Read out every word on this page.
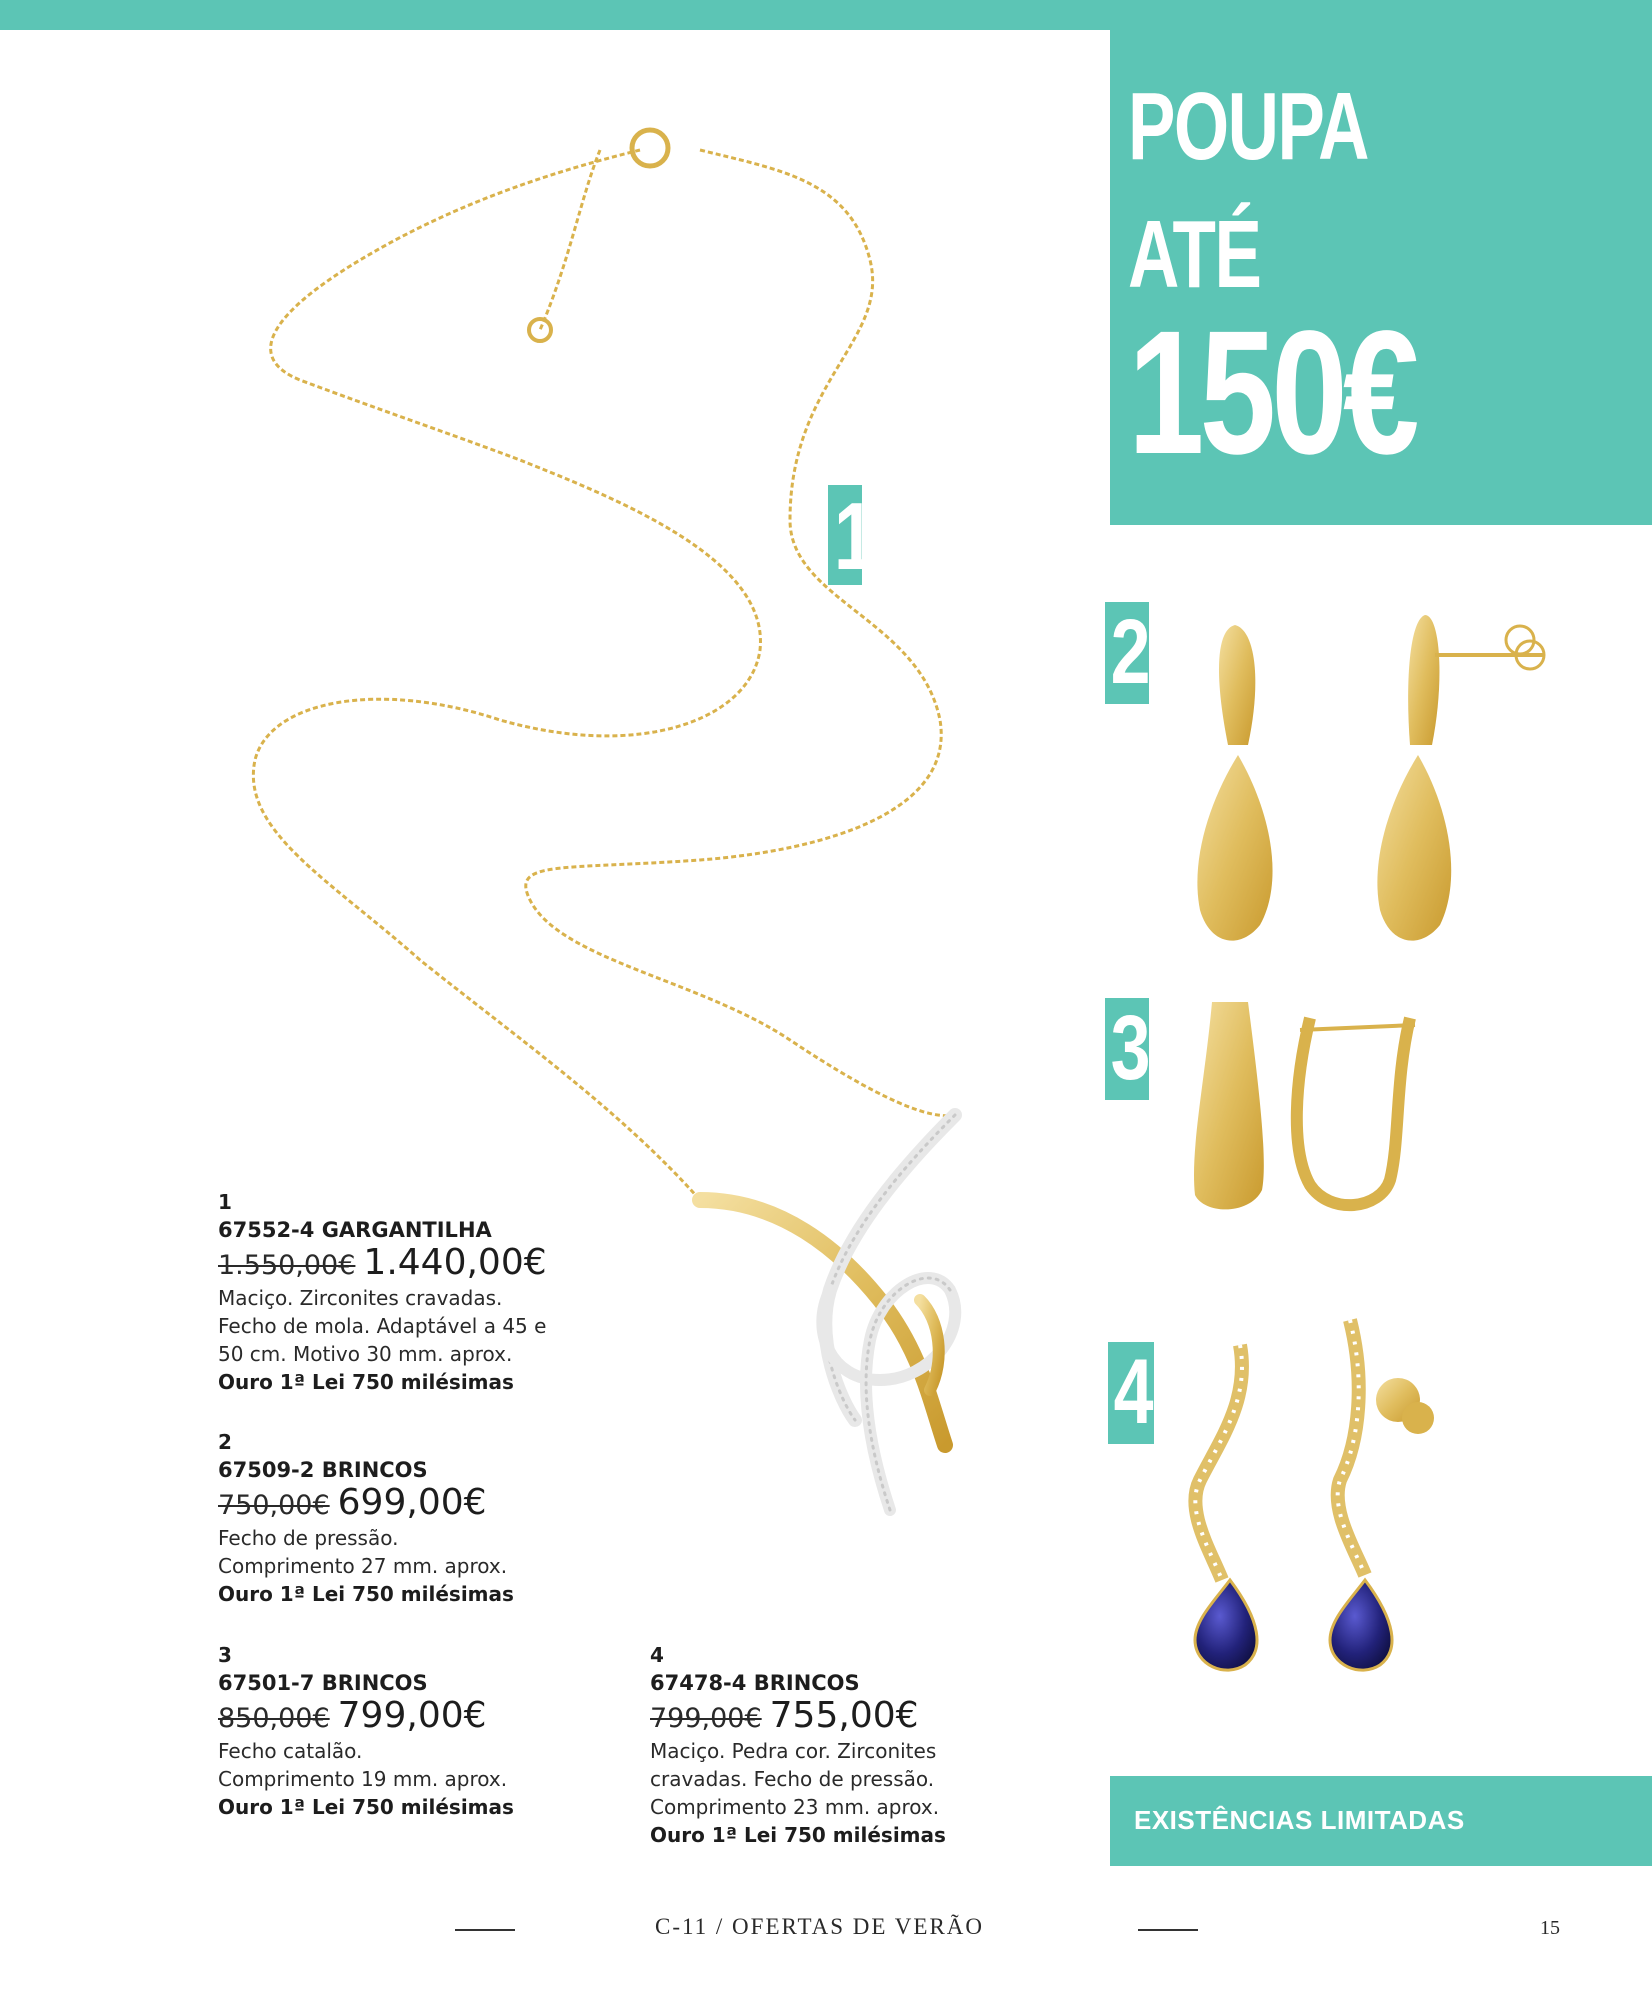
POUPA
ATÉ
150€
1
2
3
4
1
67552-4 GARGANTILHA
1.550,00€ 1.440,00€
Maciço. Zirconites cravadas.
Fecho de mola. Adaptável a 45 e
50 cm. Motivo 30 mm. aprox.
Ouro 1ª Lei 750 milésimas
2
67509-2 BRINCOS
750,00€ 699,00€
Fecho de pressão.
Comprimento 27 mm. aprox.
Ouro 1ª Lei 750 milésimas
3
67501-7 BRINCOS
850,00€ 799,00€
Fecho catalão.
Comprimento 19 mm. aprox.
Ouro 1ª Lei 750 milésimas
4
67478-4 BRINCOS
799,00€ 755,00€
Maciço. Pedra cor. Zirconites
cravadas. Fecho de pressão.
Comprimento 23 mm. aprox.
Ouro 1ª Lei 750 milésimas	EXISTÊNCIAS LIMITADAS
C-11 / OFERTAS DE VERÃO	15
